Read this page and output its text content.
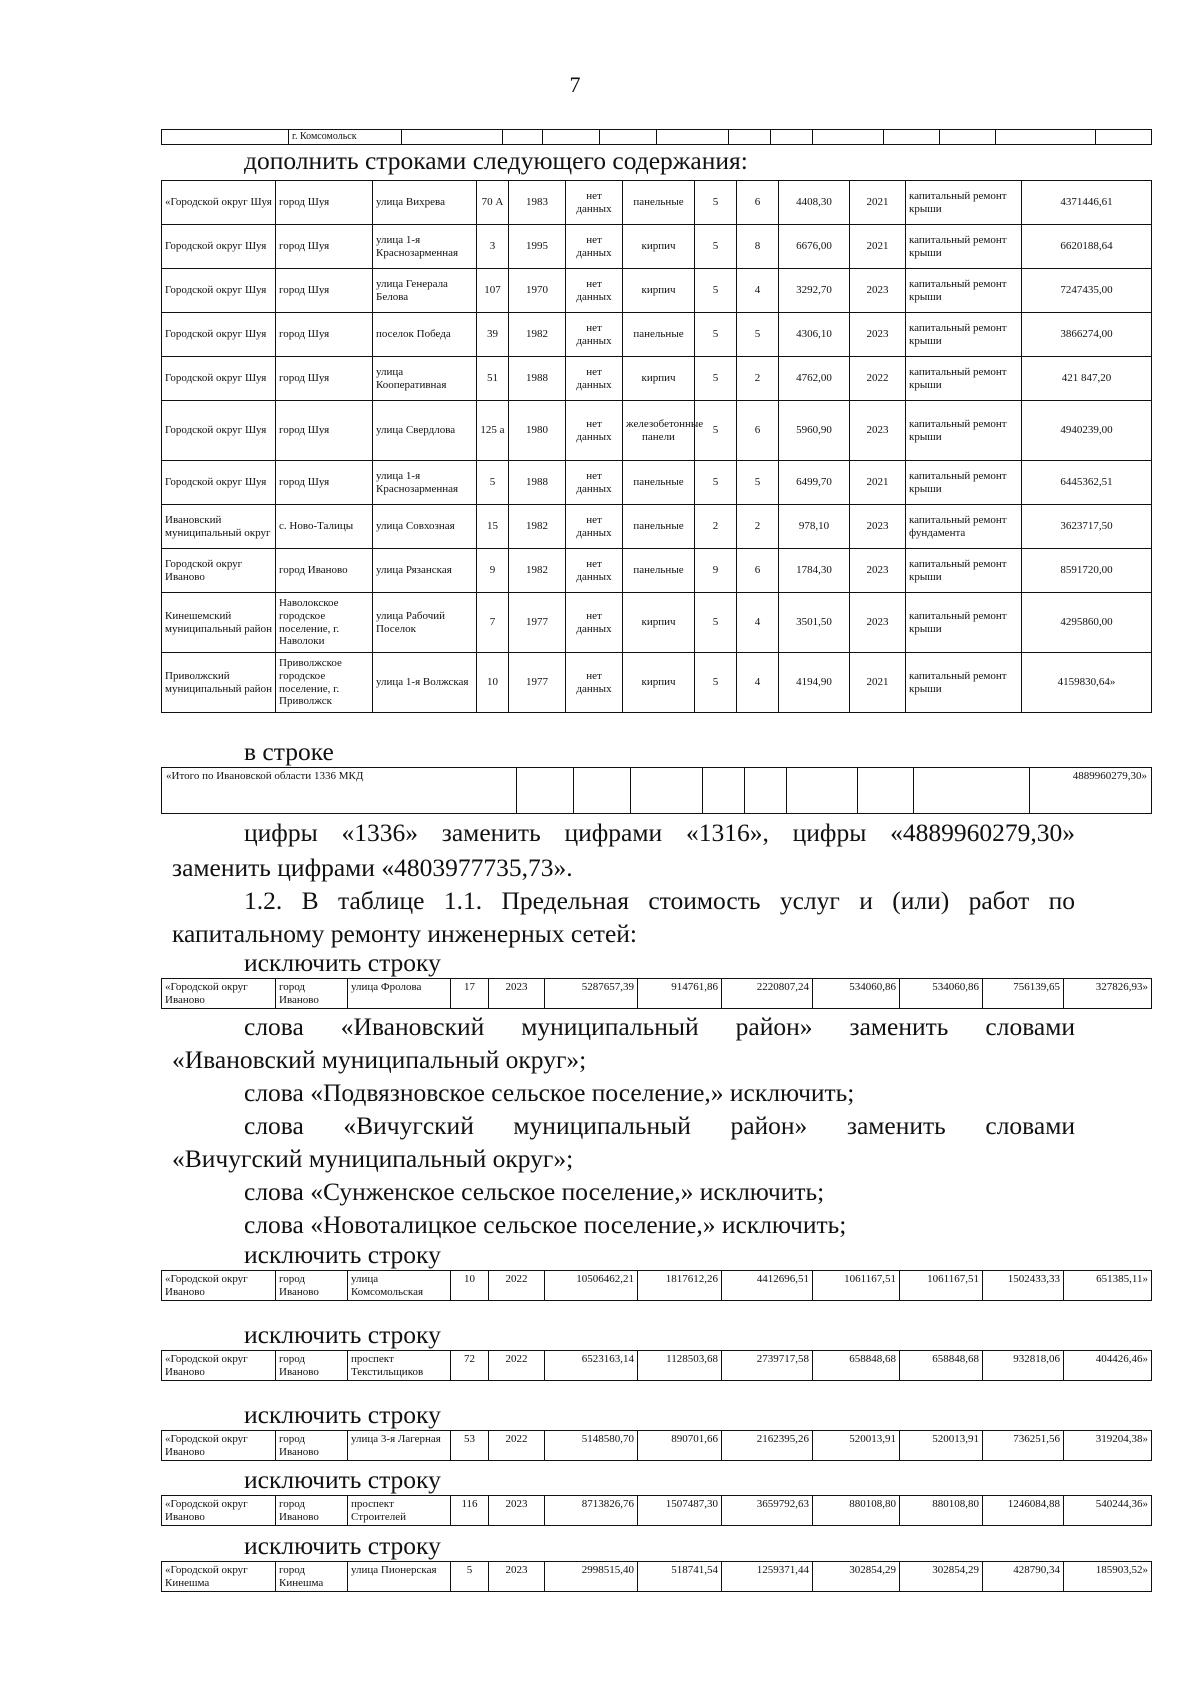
7
	г. Комсомольск												
дополнить строками следующего содержания:
«Городской округ Шуя	город Шуя	улица Вихрева	70 А	1983	нет данных	панельные	5	6	4408,30	2021	капитальный ремонт крыши	4371446,61
Городской округ Шуя	город Шуя	улица 1-я Краснозарменная	3	1995	нет данных	кирпич	5	8	6676,00	2021	капитальный ремонт крыши	6620188,64
Городской округ Шуя	город Шуя	улица Генерала Белова	107	1970	нет данных	кирпич	5	4	3292,70	2023	капитальный ремонт крыши	7247435,00
Городской округ Шуя	город Шуя	поселок Победа	39	1982	нет данных	панельные	5	5	4306,10	2023	капитальный ремонт крыши	3866274,00
Городской округ Шуя	город Шуя	улица Кооперативная	51	1988	нет данных	кирпич	5	2	4762,00	2022	капитальный ремонт крыши	421 847,20
Городской округ Шуя	город Шуя	улица Свердлова	125 а	1980	нет данных	железобетонные панели	5	6	5960,90	2023	капитальный ремонт крыши	4940239,00
Городской округ Шуя	город Шуя	улица 1-я Краснозарменная	5	1988	нет данных	панельные	5	5	6499,70	2021	капитальный ремонт крыши	6445362,51
Ивановский муниципальный округ	с. Ново-Талицы	улица Совхозная	15	1982	нет данных	панельные	2	2	978,10	2023	капитальный ремонт фундамента	3623717,50
Городской округ Иваново	город Иваново	улица Рязанская	9	1982	нет данных	панельные	9	6	1784,30	2023	капитальный ремонт крыши	8591720,00
Кинешемский муниципальный район	Наволокское городское поселение, г. Наволоки	улица Рабочий Поселок	7	1977	нет данных	кирпич	5	4	3501,50	2023	капитальный ремонт крыши	4295860,00
Приволжский муниципальный район	Приволжское городское поселение, г. Приволжск	улица 1-я Волжская	10	1977	нет данных	кирпич	5	4	4194,90	2021	капитальный ремонт крыши	4159830,64»
в строке
«Итого по Ивановской области 1336 МКД									4889960279,30»
цифры «1336» заменить цифрами «1316», цифры «4889960279,30»
заменить цифрами «4803977735,73».
1.2. В таблице 1.1. Предельная стоимость услуг и (или) работ по
капитальному ремонту инженерных сетей:
исключить строку
«Городской округ Иваново	город Иваново	улица Фролова	17	2023	5287657,39	914761,86	2220807,24	534060,86	534060,86	756139,65	327826,93»
слова «Ивановский муниципальный район» заменить словами
«Ивановский муниципальный округ»;
слова «Подвязновское сельское поселение,» исключить;
слова «Вичугский муниципальный район» заменить словами
«Вичугский муниципальный округ»;
слова «Сунженское сельское поселение,» исключить;
слова «Новоталицкое сельское поселение,» исключить;
исключить строку
«Городской округ Иваново	город Иваново	улица Комсомольская	10	2022	10506462,21	1817612,26	4412696,51	1061167,51	1061167,51	1502433,33	651385,11»
исключить строку
«Городской округ Иваново	город Иваново	проспект Текстильщиков	72	2022	6523163,14	1128503,68	2739717,58	658848,68	658848,68	932818,06	404426,46»
исключить строку
«Городской округ Иваново	город Иваново	улица 3-я Лагерная	53	2022	5148580,70	890701,66	2162395,26	520013,91	520013,91	736251,56	319204,38»
исключить строку
«Городской округ Иваново	город Иваново	проспект Строителей	116	2023	8713826,76	1507487,30	3659792,63	880108,80	880108,80	1246084,88	540244,36»
исключить строку
«Городской округ Кинешма	город Кинешма	улица Пионерская	5	2023	2998515,40	518741,54	1259371,44	302854,29	302854,29	428790,34	185903,52»
